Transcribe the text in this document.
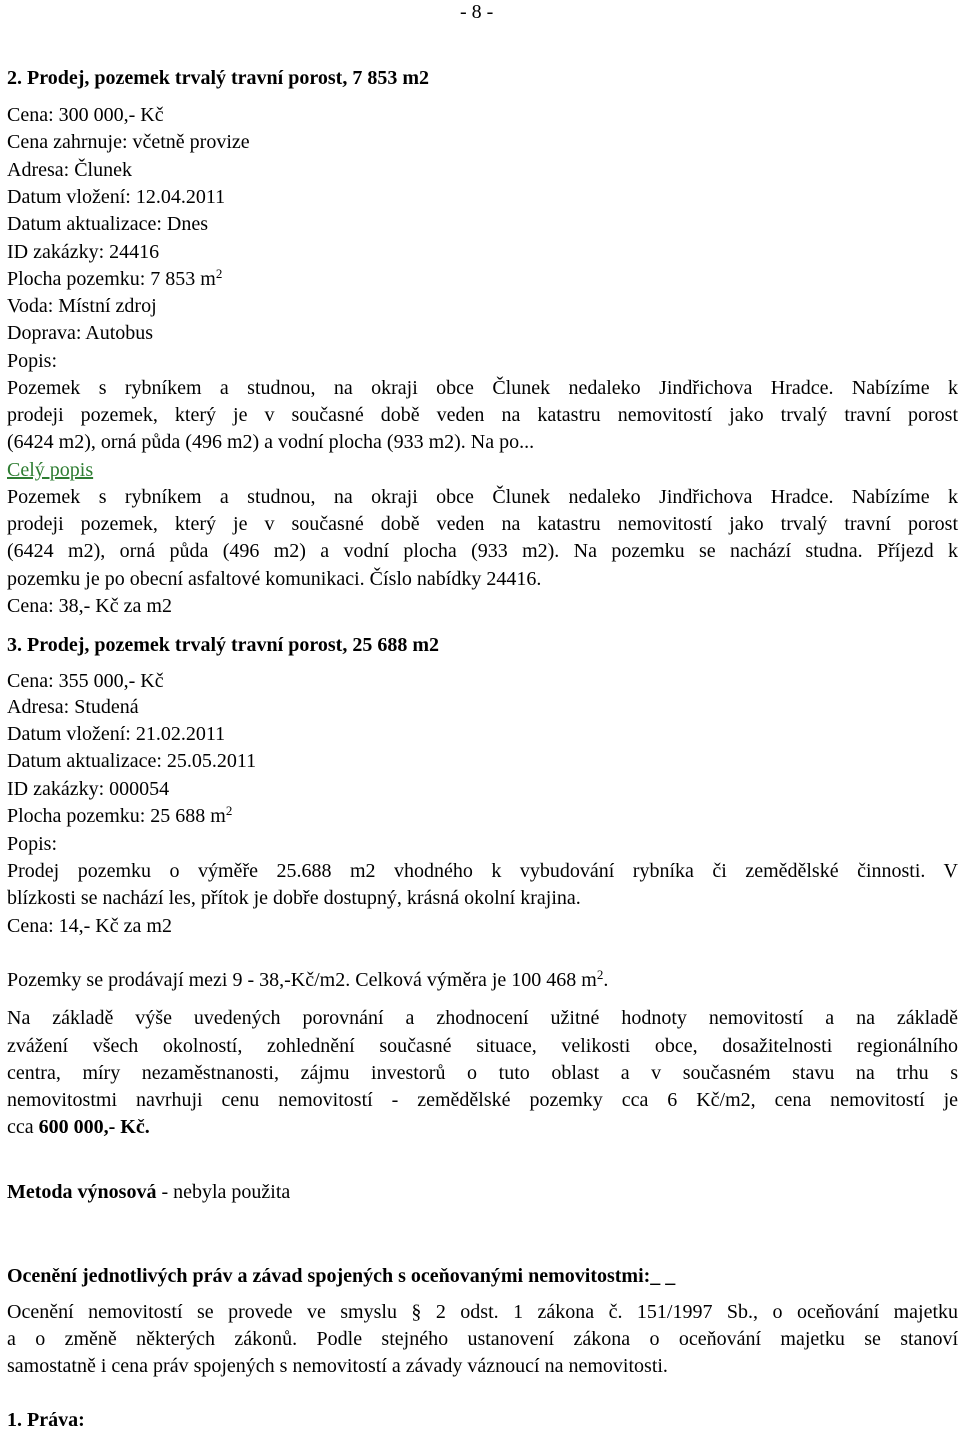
- 8 -
2. Prodej, pozemek trvalý travní porost, 7 853 m2
Cena: 300 000,- Kč
Cena zahrnuje: včetně provize
Adresa: Člunek
Datum vložení: 12.04.2011
Datum aktualizace: Dnes
ID zakázky: 24416
Plocha pozemku: 7 853 $m^2$
Voda: Místní zdroj
Doprava: Autobus
Popis:
Pozemek s rybníkem a studnou, na okraji obce Člunek nedaleko Jindřichova Hradce. Nabízíme k
prodeji pozemek, který je v současné době veden na katastru nemovitostí jako trvalý travní porost
(6424 m2), orná půda (496 m2) a vodní plocha (933 m2). Na po...
Celý popis
Pozemek s rybníkem a studnou, na okraji obce Člunek nedaleko Jindřichova Hradce. Nabízíme k
prodeji pozemek, který je v současné době veden na katastru nemovitostí jako trvalý travní porost
(6424 m2), orná půda (496 m2) a vodní plocha (933 m2). Na pozemku se nachází studna. Příjezd k
pozemku je po obecní asfaltové komunikaci. Číslo nabídky 24416.
Cena: 38,- Kč za m2
3. Prodej, pozemek trvalý travní porost, 25 688 m2
Cena: 355 000,- Kč
Adresa: Studená
Datum vložení: 21.02.2011
Datum aktualizace: 25.05.2011
ID zakázky: 000054
Plocha pozemku: 25 688 $m^2$
Popis:
Prodej pozemku o výměře 25.688 m2 vhodného k vybudování rybníka či zemědělské činnosti. V
blízkosti se nachází les, přítok je dobře dostupný, krásná okolní krajina.
Cena: 14,- Kč za m2
Pozemky se prodávají mezi 9 - 38,-Kč/m2. Celková výměra je 100 468 $m^2$.
Na základě výše uvedených porovnání a zhodnocení užitné hodnoty nemovitostí a na základě
zvážení všech okolností, zohlednění současné situace, velikosti obce, dosažitelnosti regionálního
centra, míry nezaměstnanosti, zájmu investorů o tuto oblast a v současném stavu na trhu s
nemovitostmi navrhuji cenu nemovitostí - zemědělské pozemky cca 6 Kč/m2, cena nemovitostí je
cca 600 000,- Kč.
Metoda výnosová - nebyla použita
Ocenění jednotlivých práv a závad spojených s oceňovanými nemovitostmi:_ _
Ocenění nemovitostí se provede ve smyslu § 2 odst. 1 zákona č. 151/1997 Sb., o oceňování majetku
a o změně některých zákonů. Podle stejného ustanovení zákona o oceňování majetku se stanoví
samostatně i cena práv spojených s nemovitostí a závady váznoucí na nemovitosti.
1. Práva:
